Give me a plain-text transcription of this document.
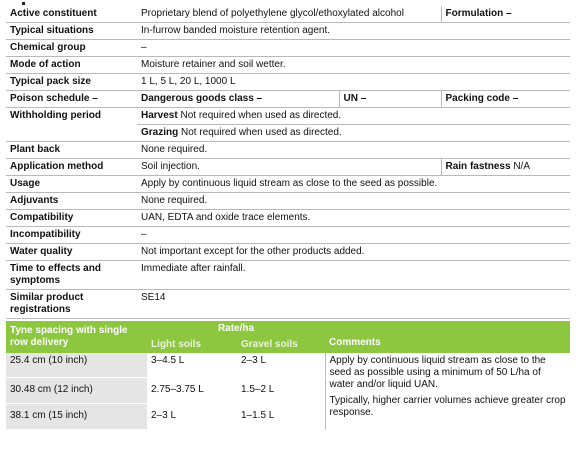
Active constituent	Proprietary blend of polyethylene glycol/ethoxylated alcohol		Formulation –
Typical situations	In-furrow banded moisture retention agent.		
Chemical group	–		
Mode of action	Moisture retainer and soil wetter.		
Typical pack size	1 L, 5 L, 20 L, 1000 L		
Poison schedule –	Dangerous goods class –	UN –	Packing code –
Withholding period	Harvest Not required when used as directed.		
	Grazing Not required when used as directed.		
Plant back	None required.		
Application method	Soil injection.		Rain fastness N/A
Usage	Apply by continuous liquid stream as close to the seed as possible.		
Adjuvants	None required.		
Compatibility	UAN, EDTA and oxide trace elements.		
Incompatibility	–		
Water quality	Not important except for the other products added.		
Time to effects and symptoms	Immediate after rainfall.		
Similar product registrations	SE14		
Tyne spacing with single row delivery	Rate/ha		Comments
	Light soils	Gravel soils	
25.4 cm (10 inch)	3–4.5 L	2–3 L	Apply by continuous liquid stream as close to the seed as possible using a minimum of 50 L/ha of water and/or liquid UAN.
Typically, higher carrier volumes achieve greater crop response.

30.48 cm (12 inch)	2.75–3.75 L	1.5–2 L	
38.1 cm (15 inch)	2–3 L	1–1.5 L	
